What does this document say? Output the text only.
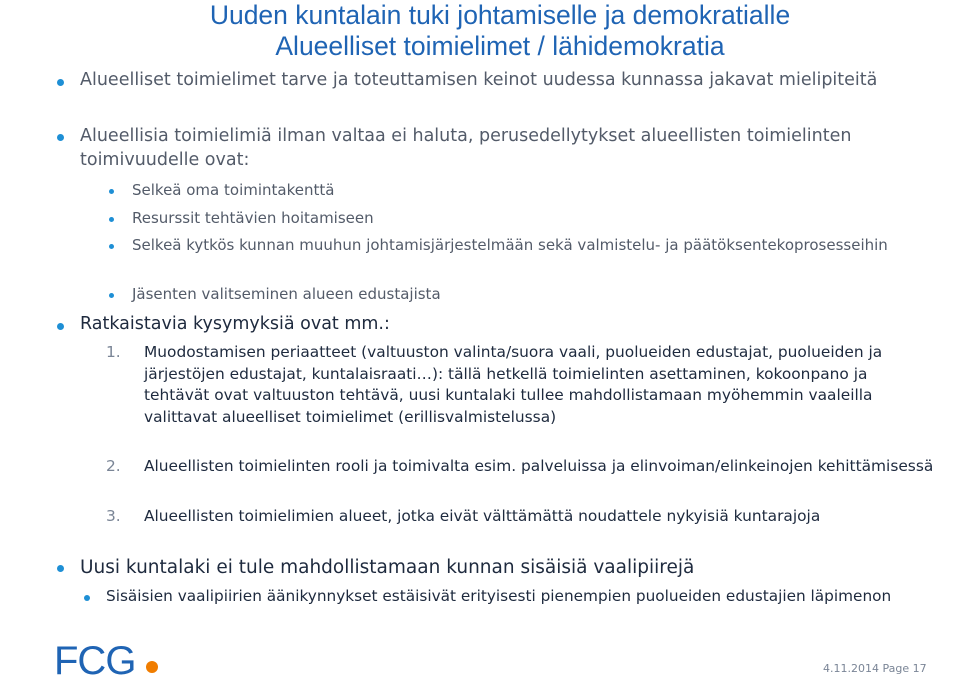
Uuden kuntalain tuki johtamiselle ja demokratialle
Alueelliset toimielimet / lähidemokratia
Alueelliset toimielimet tarve ja toteuttamisen keinot uudessa kunnassa jakavat mielipiteitä
Alueellisia toimielimiä ilman valtaa ei haluta, perusedellytykset alueellisten toimielinten toimivuudelle ovat:
Selkeä oma toimintakenttä
Resurssit tehtävien hoitamiseen
Selkeä kytkös kunnan muuhun johtamisjärjestelmään sekä valmistelu- ja päätöksentekoprosesseihin
Jäsenten valitseminen alueen edustajista
Ratkaistavia kysymyksiä ovat mm.:
1. Muodostamisen periaatteet (valtuuston valinta/suora vaali, puolueiden edustajat, puolueiden ja järjestöjen edustajat, kuntalaisraati…): tällä hetkellä toimielinten asettaminen, kokoonpano ja tehtävät ovat valtuuston tehtävä, uusi kuntalaki tullee mahdollistamaan myöhemmin vaaleilla valittavat alueelliset toimielimet (erillisvalmistelussa)
2. Alueellisten toimielinten rooli ja toimivalta esim. palveluissa ja elinvoiman/elinkeinojen kehittämisessä
3. Alueellisten toimielimien alueet, jotka eivät välttämättä noudattele nykyisiä kuntarajoja
Uusi kuntalaki ei tule mahdollistamaan kunnan sisäisiä vaalipiirejä
Sisäisien vaalipiirien äänikynnykset estäisivät erityisesti pienempien puolueiden edustajien läpimenon
FCG	4.11.2014 Page 17
